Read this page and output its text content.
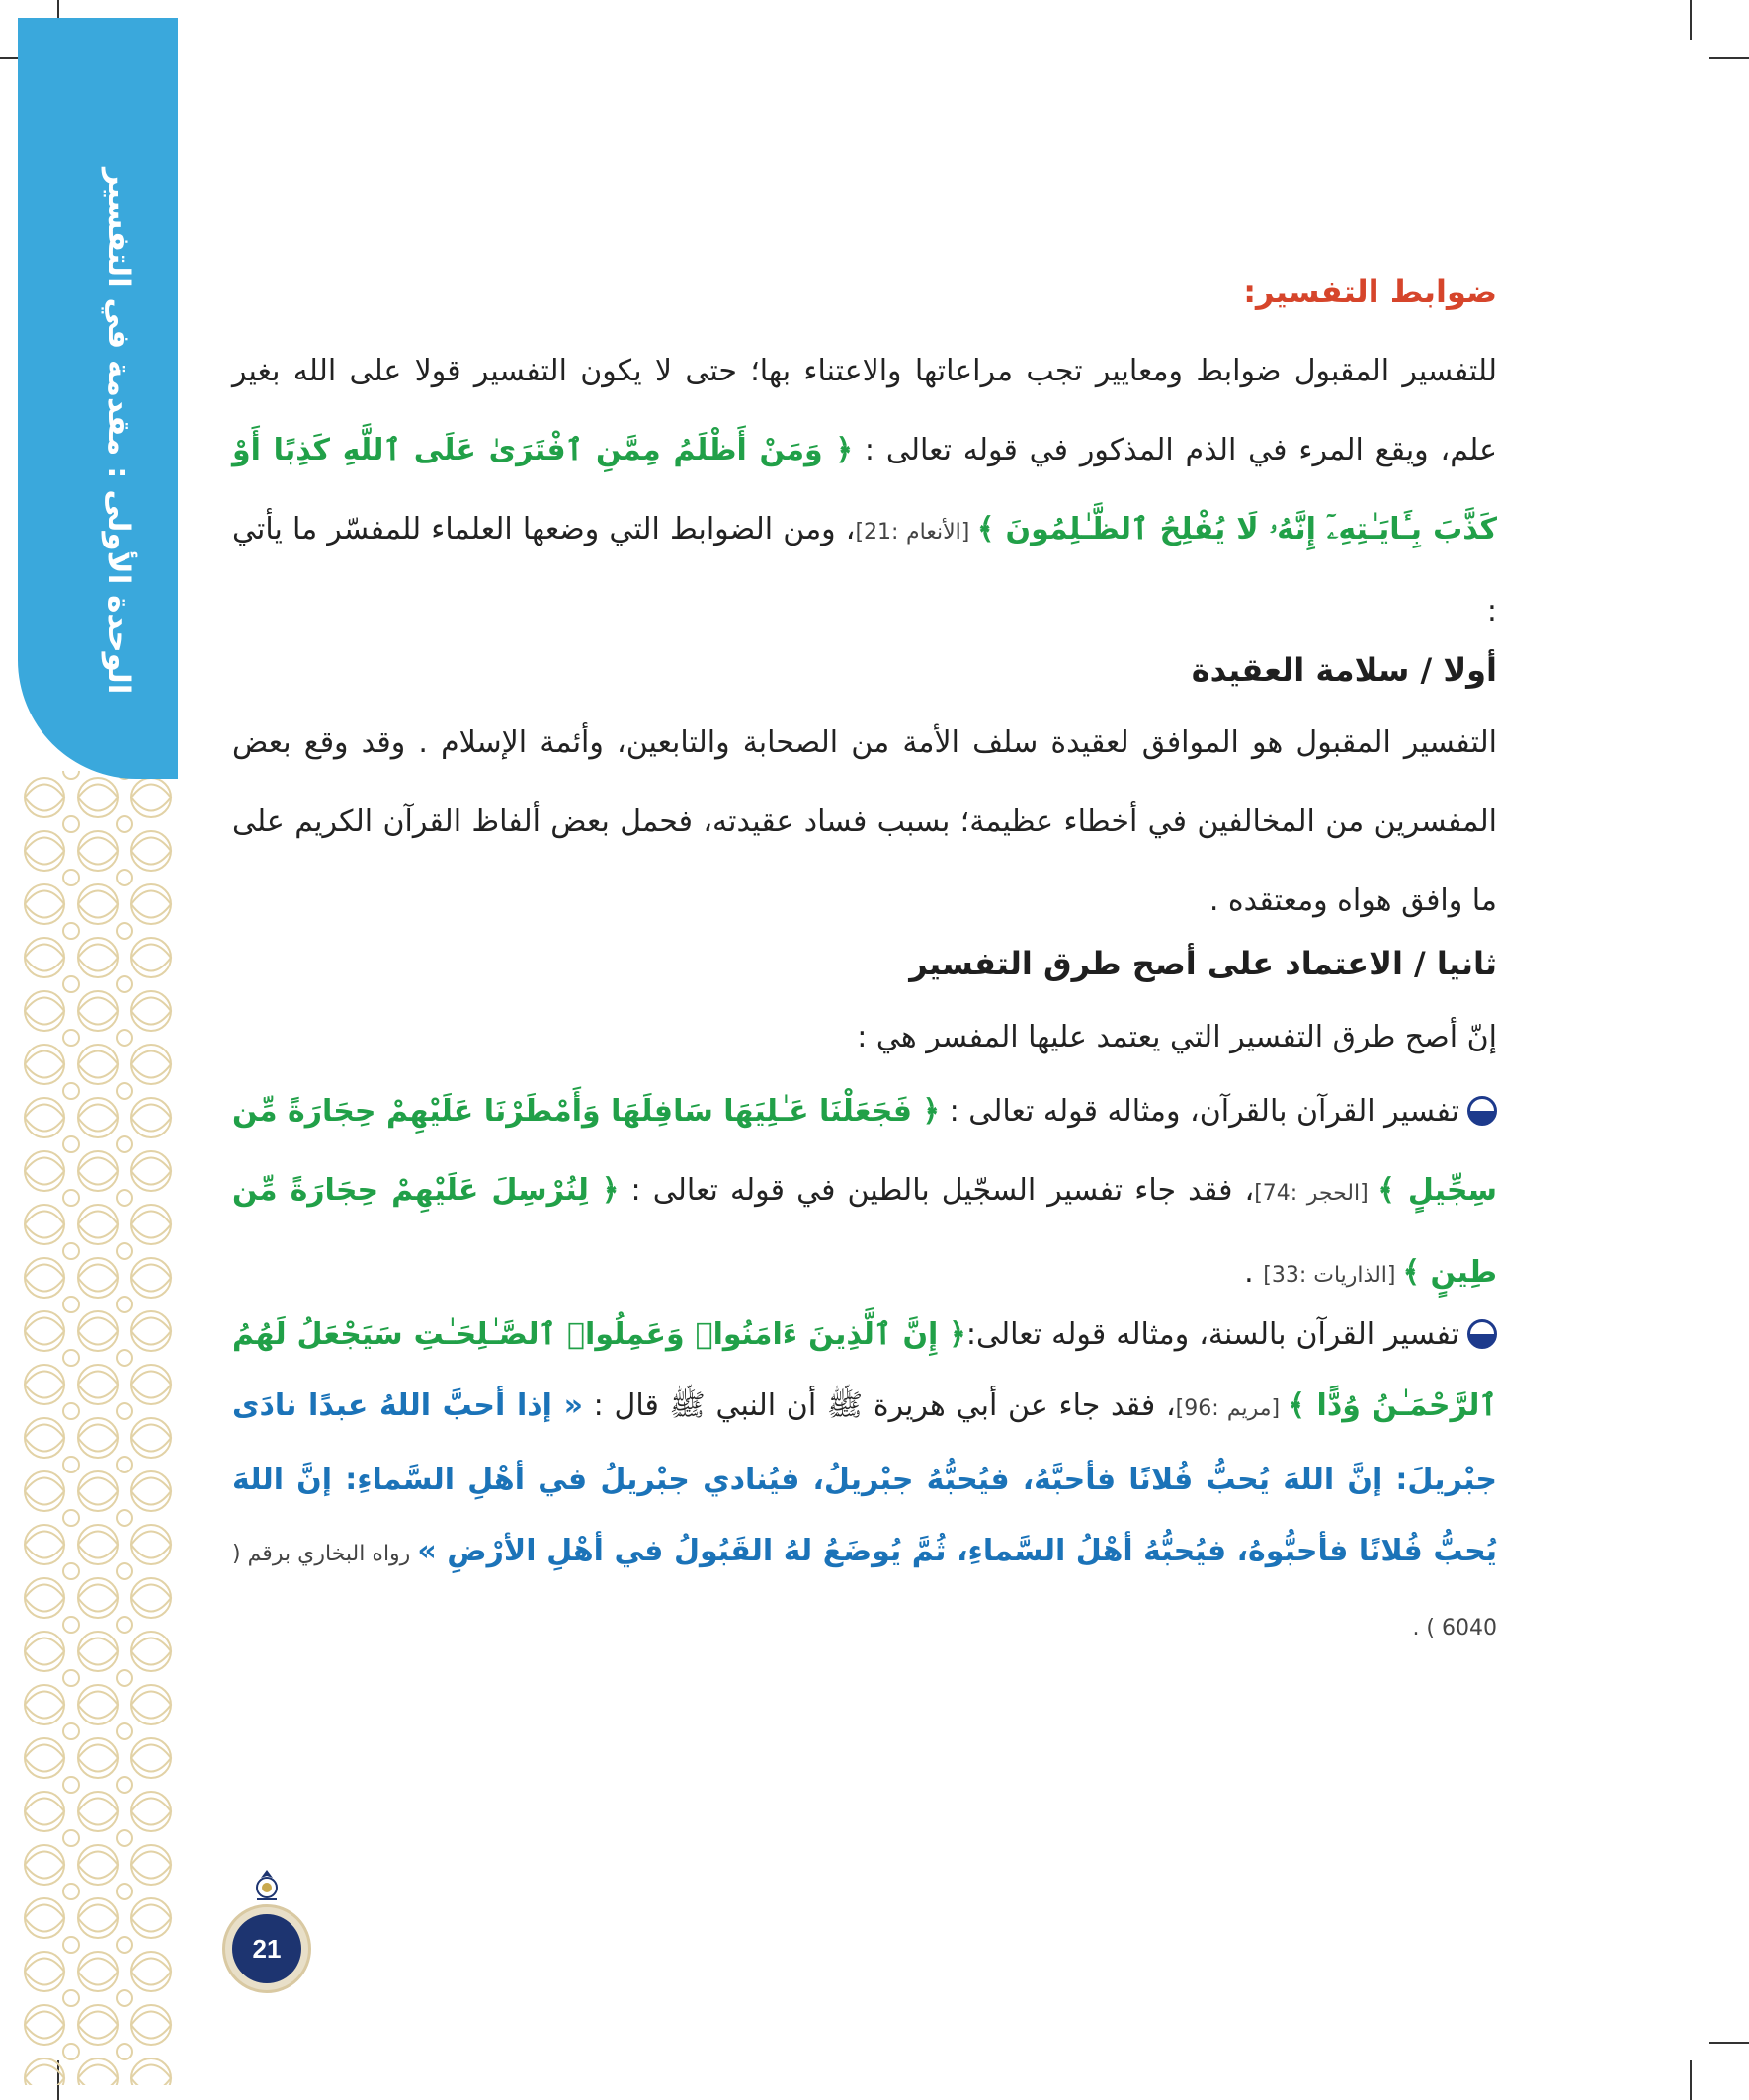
الوحدة الأولى : مقدمة في التفسير	ضوابط التفسير:
للتفسير المقبول ضوابط ومعايير تجب مراعاتها والاعتناء بها؛ حتى لا يكون التفسير قولا على الله بغير علم، ويقع المرء في الذم المذكور في قوله تعالى : ﴿ وَمَنْ أَظْلَمُ مِمَّنِ ٱفْتَرَىٰ عَلَى ٱللَّهِ كَذِبًا أَوْ كَذَّبَ بِـَٔايَـٰتِهِۦٓ إِنَّهُۥ لَا يُفْلِحُ ٱلظَّـٰلِمُونَ ﴾ [الأنعام :21]، ومن الضوابط التي وضعها العلماء للمفسّر ما يأتي :
أولا / سلامة العقيدة
التفسير المقبول هو الموافق لعقيدة سلف الأمة من الصحابة والتابعين، وأئمة الإسلام . وقد وقع بعض المفسرين من المخالفين في أخطاء عظيمة؛ بسبب فساد عقيدته، فحمل بعض ألفاظ القرآن الكريم على ما وافق هواه ومعتقده .
ثانيا / الاعتماد على أصح طرق التفسير
إنّ أصح طرق التفسير التي يعتمد عليها المفسر هي :
تفسير القرآن بالقرآن، ومثاله قوله تعالى : ﴿ فَجَعَلْنَا عَـٰلِيَهَا سَافِلَهَا وَأَمْطَرْنَا عَلَيْهِمْ حِجَارَةً مِّن سِجِّيلٍ ﴾ [الحجر :74]، فقد جاء تفسير السجّيل بالطين في قوله تعالى : ﴿ لِنُرْسِلَ عَلَيْهِمْ حِجَارَةً مِّن طِينٍ ﴾ [الذاريات :33] .
تفسير القرآن بالسنة، ومثاله قوله تعالى:﴿ إِنَّ ٱلَّذِينَ ءَامَنُوا۟ وَعَمِلُوا۟ ٱلصَّـٰلِحَـٰتِ سَيَجْعَلُ لَهُمُ ٱلرَّحْمَـٰنُ وُدًّا ﴾ [مريم :96]، فقد جاء عن أبي هريرة ﷺ أن النبي ﷺ قال : « إذا أحبَّ اللهُ عبدًا نادَى جبْريلَ: إنَّ اللهَ يُحبُّ فُلانًا فأحبَّهُ، فيُحبُّهُ جبْريلُ، فيُنادي جبْريلُ في أهْلِ السَّماءِ: إنَّ اللهَ يُحبُّ فُلانًا فأحبُّوهُ، فيُحبُّهُ أهْلُ السَّماءِ، ثُمَّ يُوضَعُ لهُ القَبُولُ في أهْلِ الأرْضِ » رواه البخاري برقم ( 6040 ) .
21
